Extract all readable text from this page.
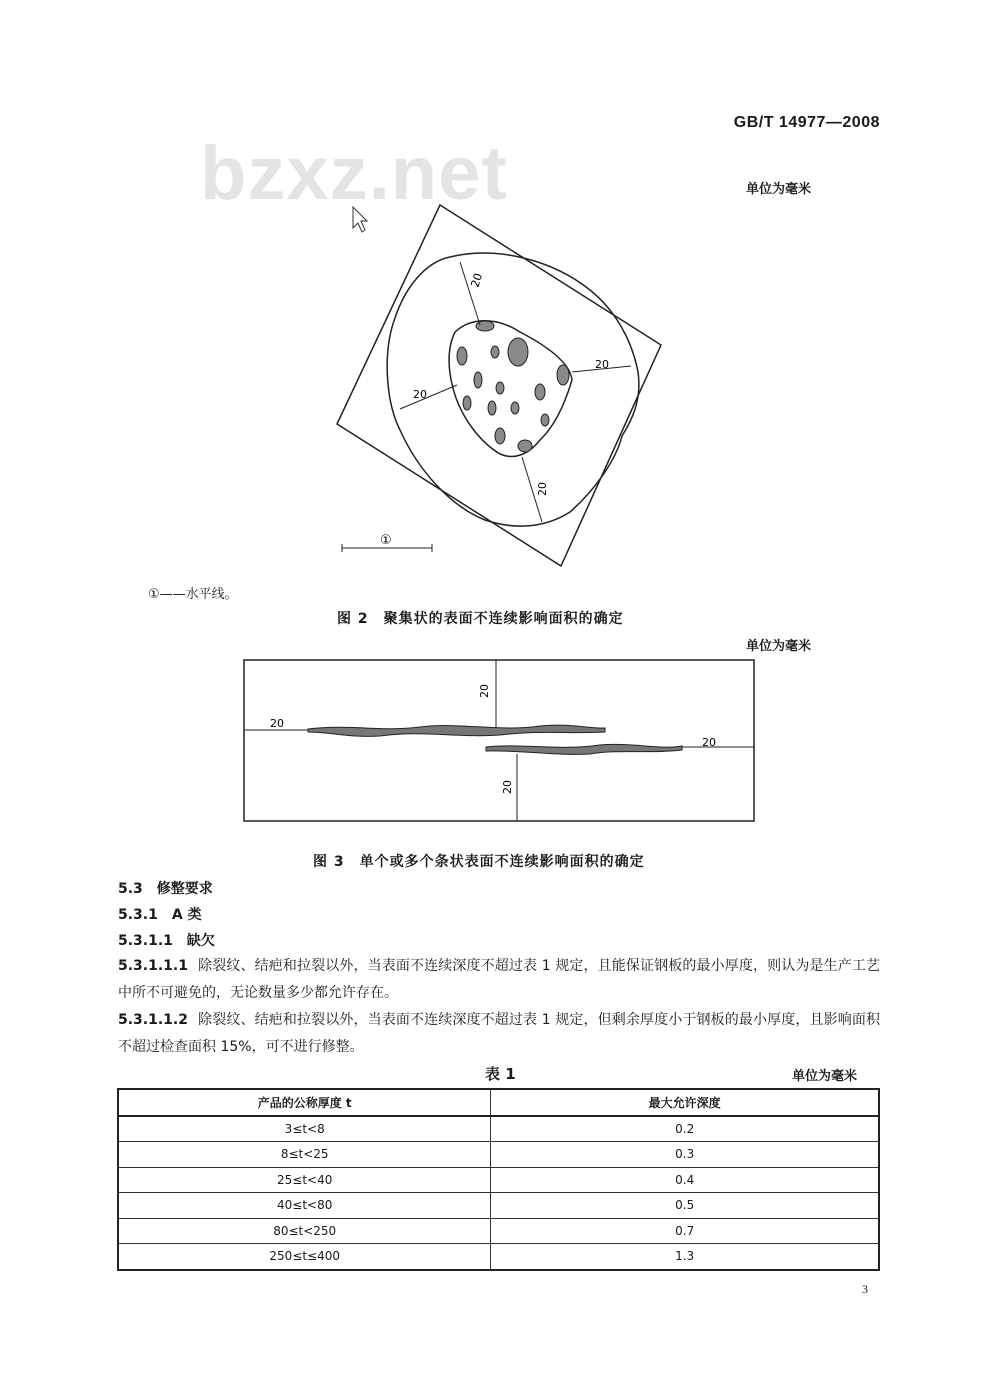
bzxz.net
GB/T 14977—2008
单位为毫米
20
20
20
20
①
①——水平线。
图 2　聚集状的表面不连续影响面积的确定
单位为毫米
20
20
20
20
图 3　单个或多个条状表面不连续影响面积的确定
5.3　修整要求
5.3.1　A 类
5.3.1.1　缺欠
5.3.1.1.1 除裂纹、结疤和拉裂以外，当表面不连续深度不超过表 1 规定，且能保证钢板的最小厚度，则认为是生产工艺中所不可避免的，无论数量多少都允许存在。
5.3.1.1.2 除裂纹、结疤和拉裂以外，当表面不连续深度不超过表 1 规定，但剩余厚度小于钢板的最小厚度，且影响面积不超过检查面积 15%，可不进行修整。
表 1	单位为毫米
产品的公称厚度 t	最大允许深度
3≤t<8	0.2
8≤t<25	0.3
25≤t<40	0.4
40≤t<80	0.5
80≤t<250	0.7
250≤t≤400	1.3
3
